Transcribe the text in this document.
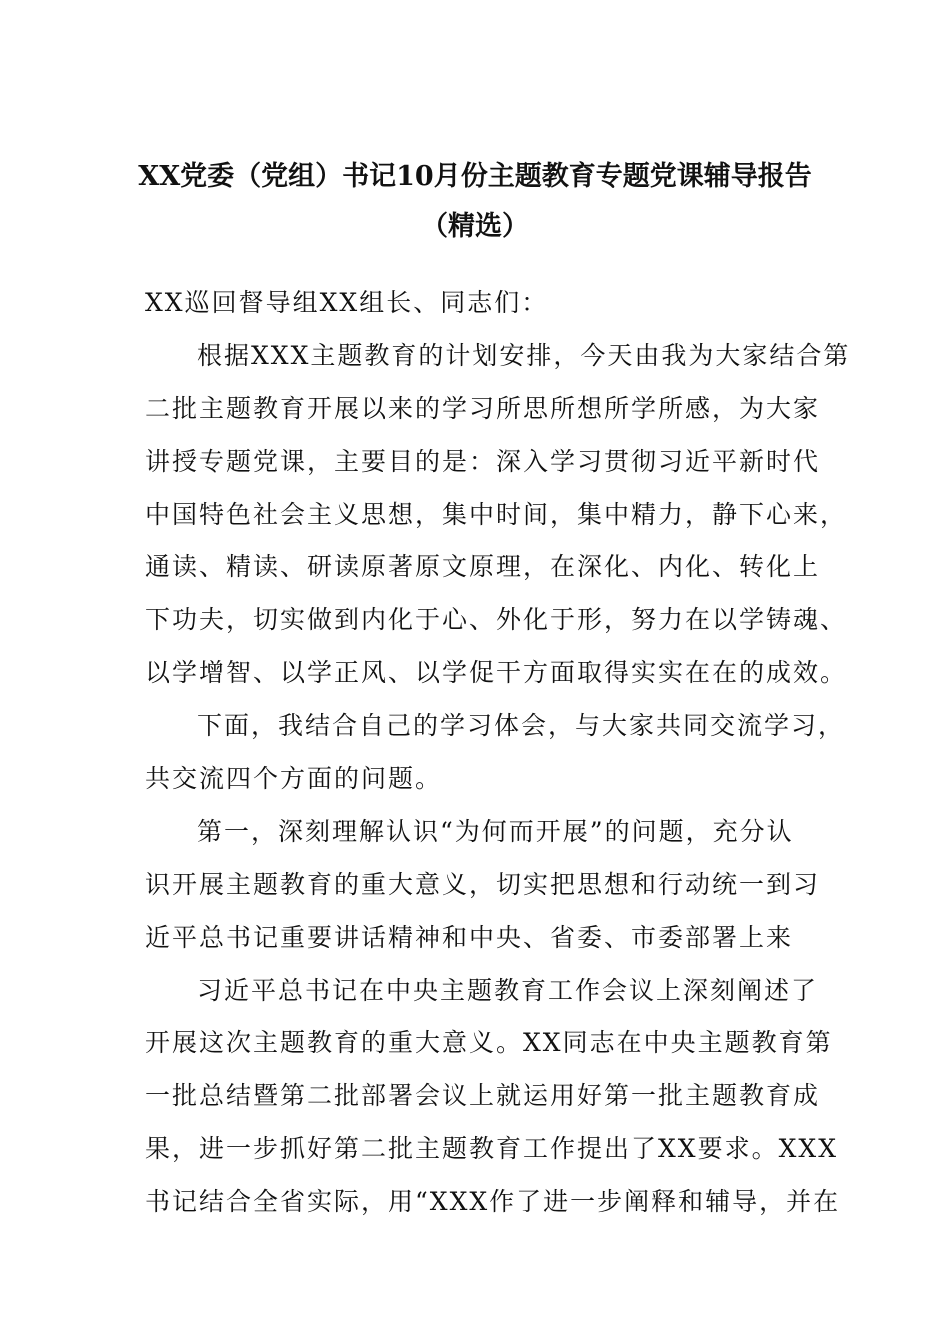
XX党委（党组）书记10月份主题教育专题党课辅导报告
（精选）
XX巡回督导组XX组长、同志们：
根据XXX主题教育的计划安排，今天由我为大家结合第
二批主题教育开展以来的学习所思所想所学所感，为大家
讲授专题党课，主要目的是：深入学习贯彻习近平新时代
中国特色社会主义思想，集中时间，集中精力，静下心来，
通读、精读、研读原著原文原理，在深化、内化、转化上
下功夫，切实做到内化于心、外化于形，努力在以学铸魂、
以学增智、以学正风、以学促干方面取得实实在在的成效。
下面，我结合自己的学习体会，与大家共同交流学习，
共交流四个方面的问题。
第一，深刻理解认识“为何而开展”的问题，充分认
识开展主题教育的重大意义，切实把思想和行动统一到习
近平总书记重要讲话精神和中央、省委、市委部署上来
习近平总书记在中央主题教育工作会议上深刻阐述了
开展这次主题教育的重大意义。XX同志在中央主题教育第
一批总结暨第二批部署会议上就运用好第一批主题教育成
果，进一步抓好第二批主题教育工作提出了XX要求。XXX
书记结合全省实际，用“XXX作了进一步阐释和辅导，并在
